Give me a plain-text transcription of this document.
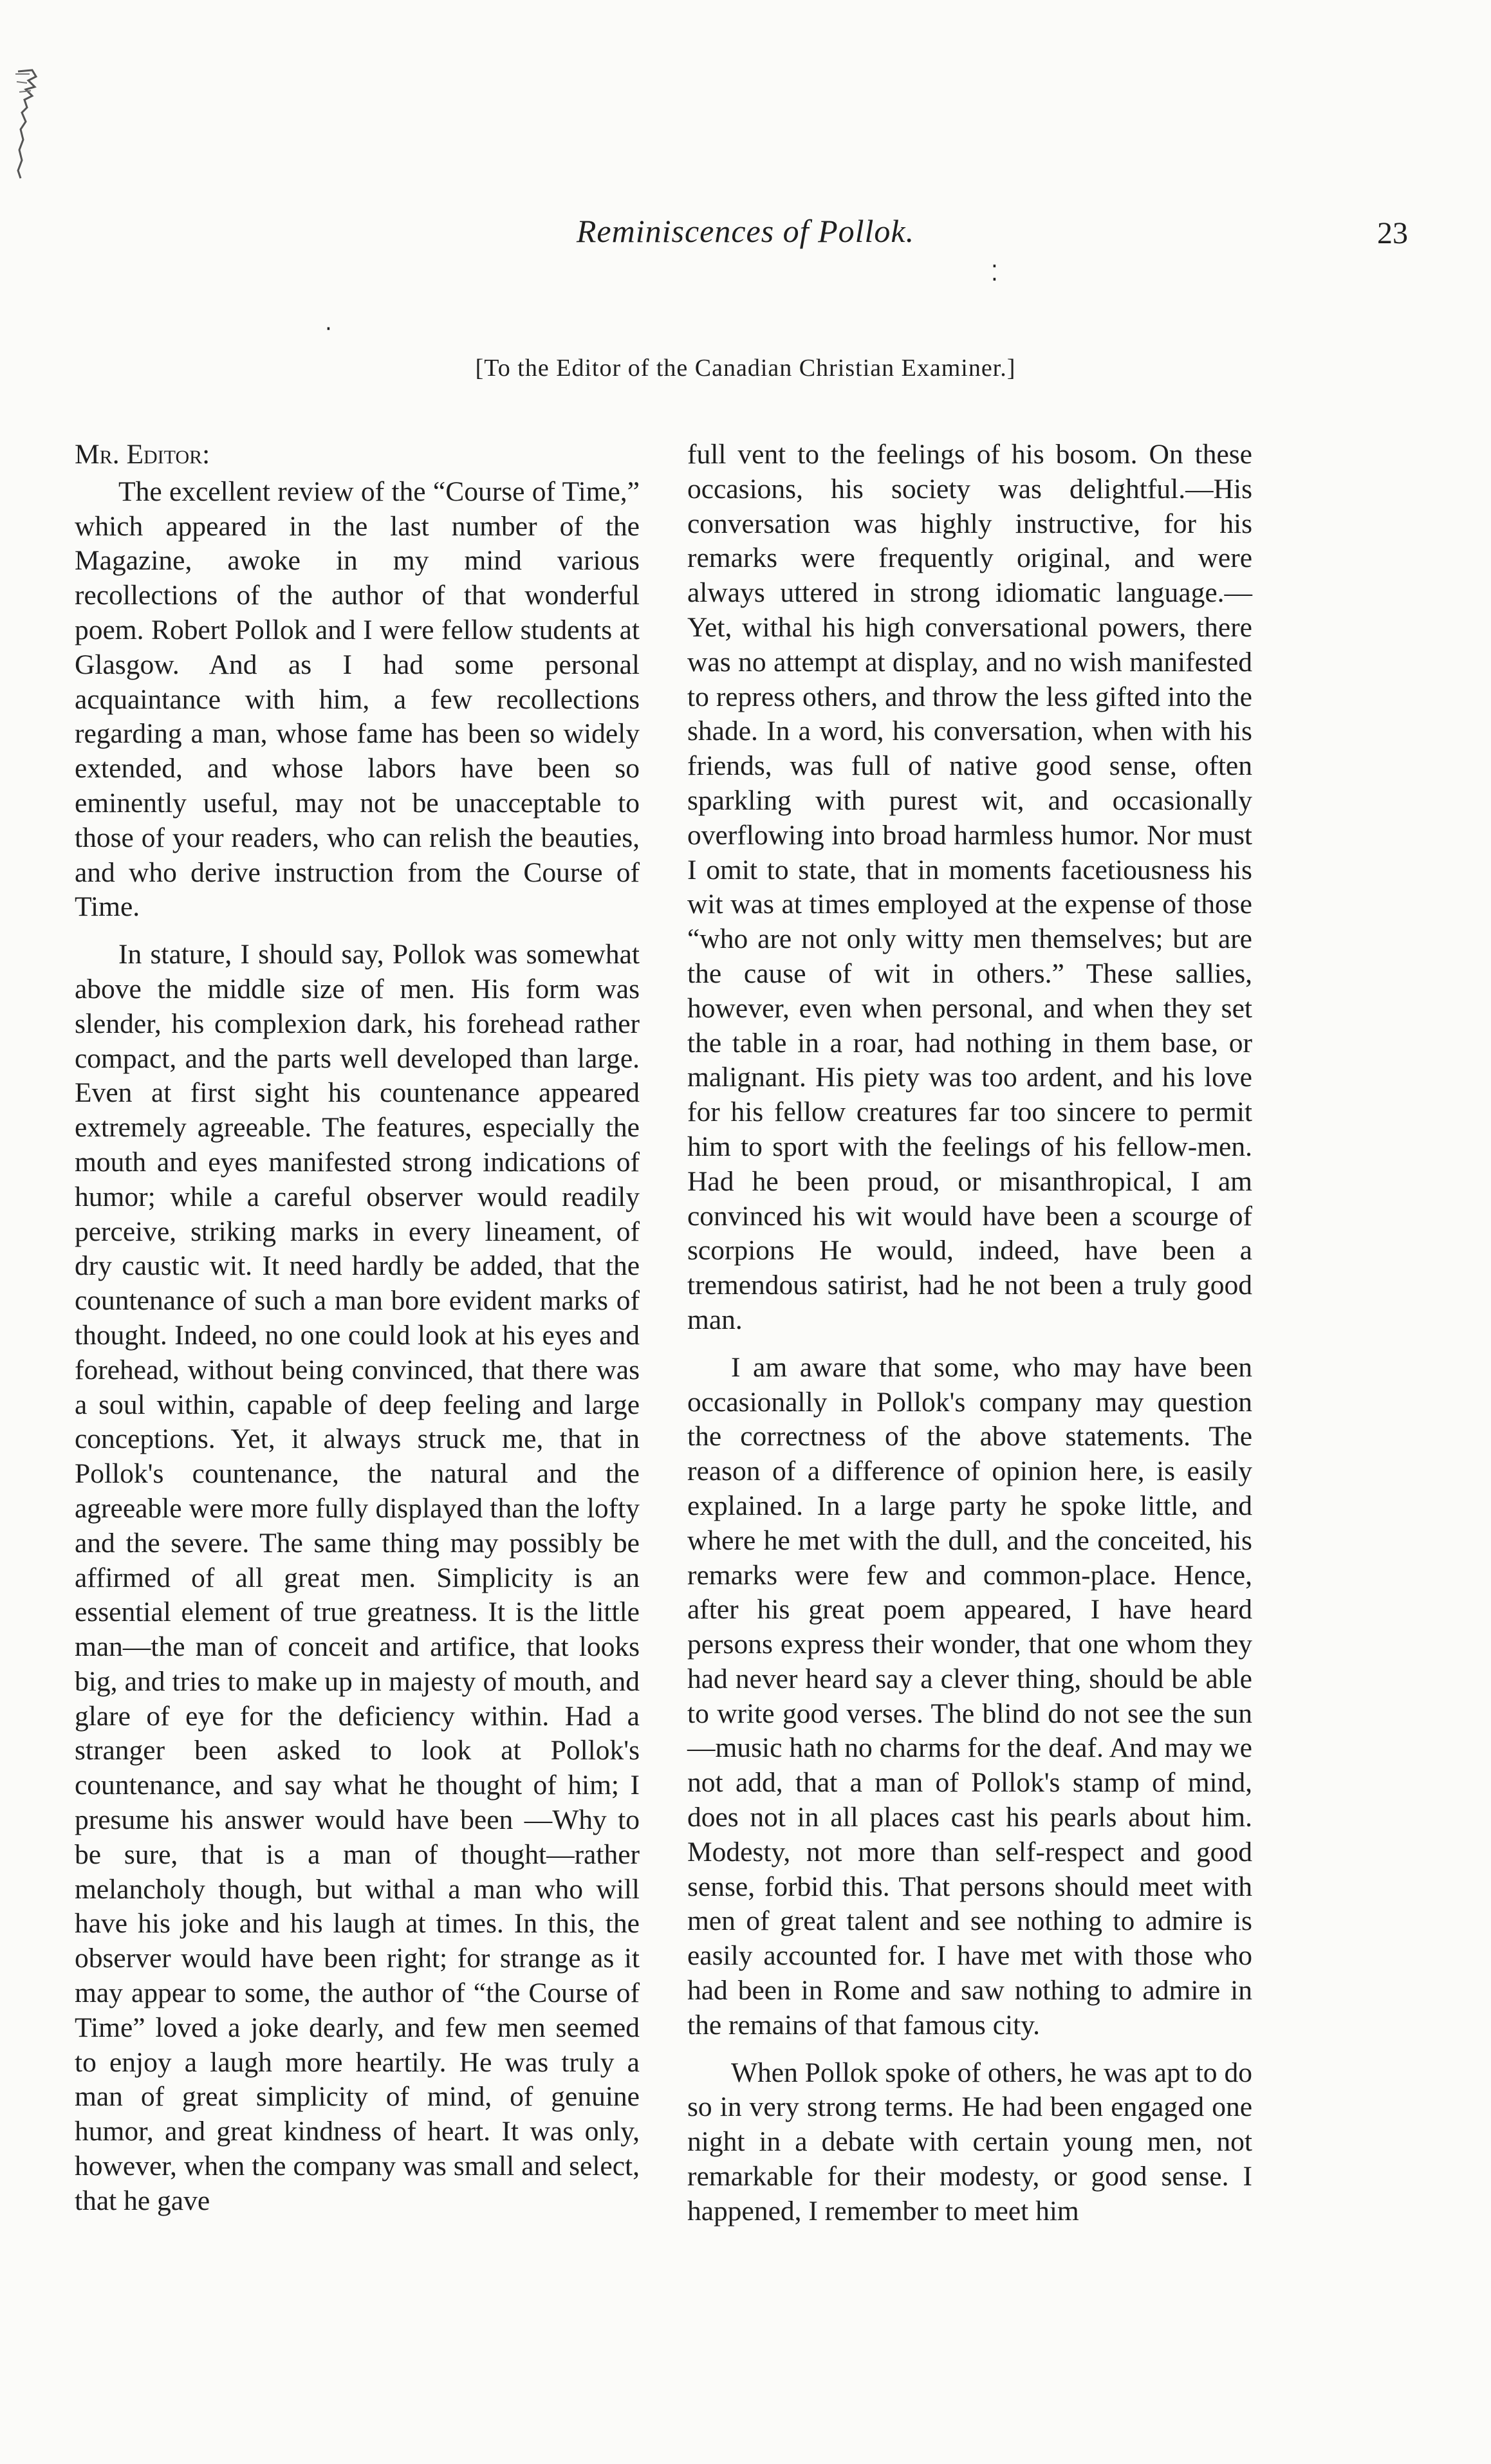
Reminiscences of Pollok.	23
‧
⁚
[To the Editor of the Canadian Christian Examiner.]

Mr. Editor:

The excellent review of the “Course of Time,” which appeared in the last number of the Magazine, awoke in my mind various recollections of the author of that wonderful poem. Robert Pollok and I were fellow students at Glasgow. And as I had some personal acquaintance with him, a few recollections regarding a man, whose fame has been so widely extended, and whose labors have been so eminently useful, may not be unacceptable to those of your readers, who can relish the beauties, and who derive instruction from the Course of Time.

In stature, I should say, Pollok was somewhat above the middle size of men. His form was slender, his complexion dark, his forehead rather compact, and the parts well developed than large. Even at first sight his countenance appeared extremely agreeable. The features, especially the mouth and eyes manifested strong indications of humor; while a careful observer would readily perceive, striking marks in every lineament, of dry caustic wit. It need hardly be added, that the countenance of such a man bore evident marks of thought. Indeed, no one could look at his eyes and forehead, without being convinced, that there was a soul within, capable of deep feeling and large conceptions. Yet, it always struck me, that in Pollok's countenance, the natural and the agreeable were more fully displayed than the lofty and the severe. The same thing may possibly be affirmed of all great men. Simplicity is an essential element of true greatness. It is the little man—the man of conceit and artifice, that looks big, and tries to make up in majesty of mouth, and glare of eye for the deficiency within. Had a stranger been asked to look at Pollok's countenance, and say what he thought of him; I presume his answer would have been —Why to be sure, that is a man of thought—rather melancholy though, but withal a man who will have his joke and his laugh at times. In this, the observer would have been right; for strange as it may appear to some, the author of “the Course of Time” loved a joke dearly, and few men seemed to enjoy a laugh more heartily. He was truly a man of great simplicity of mind, of genuine humor, and great kindness of heart. It was only, however, when the company was small and select, that he gave

full vent to the feelings of his bosom. On these occasions, his society was delightful.—His conversation was highly instructive, for his remarks were frequently original, and were always uttered in strong idiomatic language.—Yet, withal his high conversational powers, there was no attempt at display, and no wish manifested to repress others, and throw the less gifted into the shade. In a word, his conversation, when with his friends, was full of native good sense, often sparkling with purest wit, and occasionally overflowing into broad harmless humor. Nor must I omit to state, that in moments facetiousness his wit was at times employed at the expense of those “who are not only witty men themselves; but are the cause of wit in others.” These sallies, however, even when personal, and when they set the table in a roar, had nothing in them base, or malignant. His piety was too ardent, and his love for his fellow creatures far too sincere to permit him to sport with the feelings of his fellow-men. Had he been proud, or misanthropical, I am convinced his wit would have been a scourge of scorpions He would, indeed, have been a tremendous satirist, had he not been a truly good man.

I am aware that some, who may have been occasionally in Pollok's company may question the correctness of the above statements. The reason of a difference of opinion here, is easily explained. In a large party he spoke little, and where he met with the dull, and the conceited, his remarks were few and common-place. Hence, after his great poem appeared, I have heard persons express their wonder, that one whom they had never heard say a clever thing, should be able to write good verses. The blind do not see the sun—music hath no charms for the deaf. And may we not add, that a man of Pollok's stamp of mind, does not in all places cast his pearls about him. Modesty, not more than self-respect and good sense, forbid this. That persons should meet with men of great talent and see nothing to admire is easily accounted for. I have met with those who had been in Rome and saw nothing to admire in the remains of that famous city.

When Pollok spoke of others, he was apt to do so in very strong terms. He had been engaged one night in a debate with certain young men, not remarkable for their modesty, or good sense. I happened, I remember to meet him
